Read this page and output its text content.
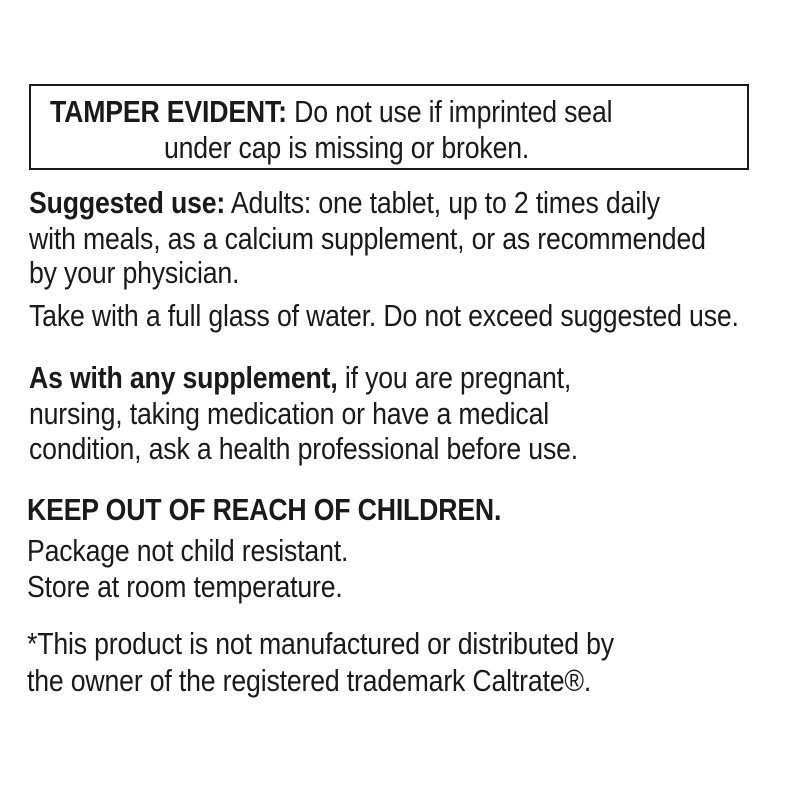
TAMPER EVIDENT: Do not use if imprinted seal
under cap is missing or broken.
Suggested use: Adults: one tablet, up to 2 times daily
with meals, as a calcium supplement, or as recommended
by your physician.
Take with a full glass of water. Do not exceed suggested use.
As with any supplement, if you are pregnant,
nursing, taking medication or have a medical
condition, ask a health professional before use.
KEEP OUT OF REACH OF CHILDREN.
Package not child resistant.
Store at room temperature.
*This product is not manufactured or distributed by
the owner of the registered trademark Caltrate®.
